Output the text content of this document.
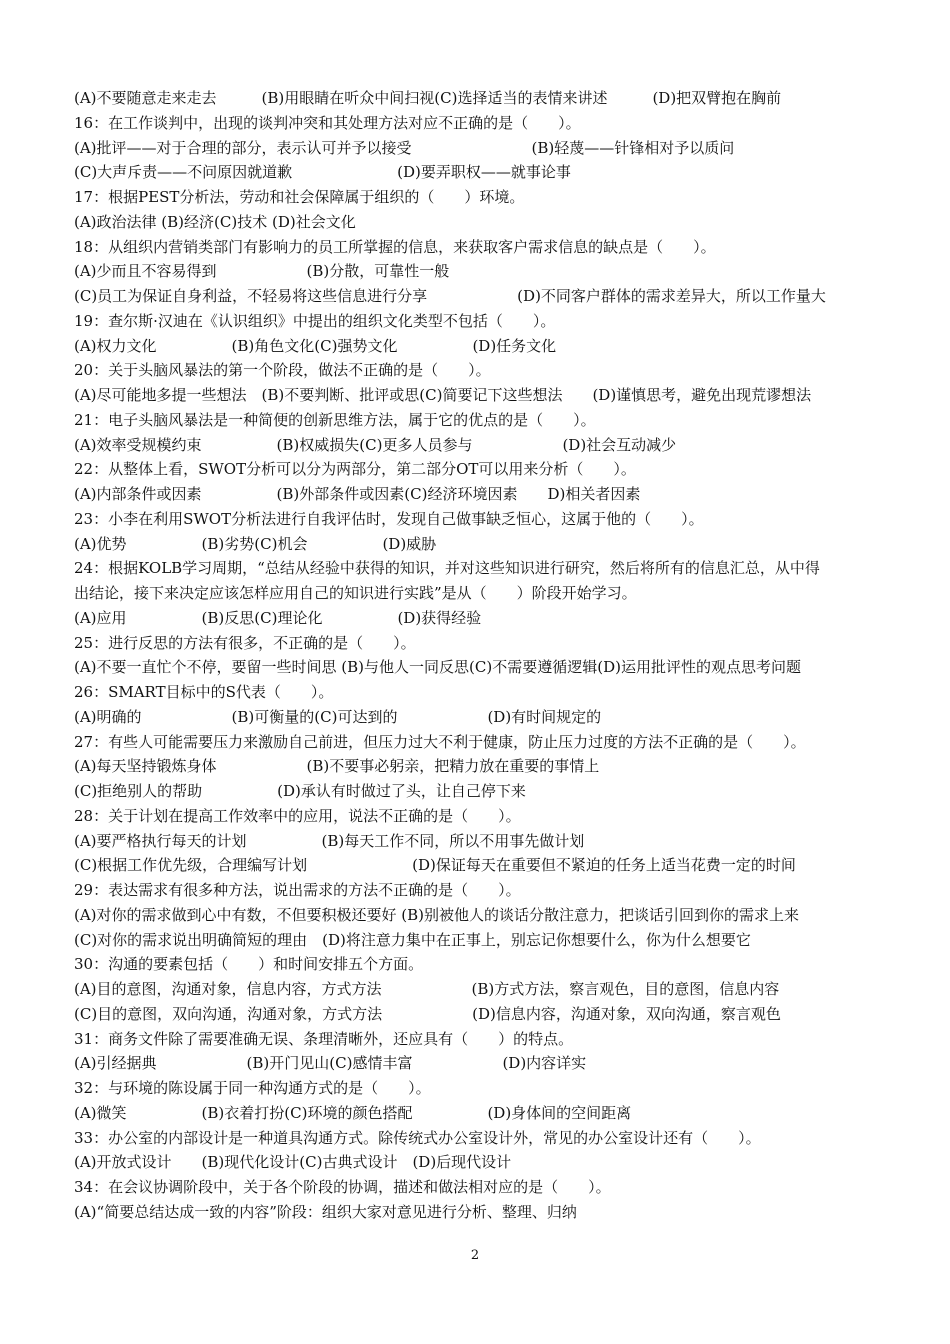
(A)不要随意走来走去　　　(B)用眼睛在听众中间扫视(C)选择适当的表情来讲述　　　(D)把双臂抱在胸前
16：在工作谈判中，出现的谈判冲突和其处理方法对应不正确的是（　　）。
(A)批评——对于合理的部分，表示认可并予以接受　　　　　　　　(B)轻蔑——针锋相对予以质问
(C)大声斥责——不问原因就道歉　　　　　　　(D)要弄职权——就事论事
17：根据PEST分析法，劳动和社会保障属于组织的（　　）环境。
(A)政治法律 (B)经济(C)技术 (D)社会文化
18：从组织内营销类部门有影响力的员工所掌握的信息，来获取客户需求信息的缺点是（　　）。
(A)少而且不容易得到　　　　　　(B)分散，可靠性一般
(C)员工为保证自身利益，不轻易将这些信息进行分享　　　　　　(D)不同客户群体的需求差异大，所以工作量大
19：查尔斯·汉迪在《认识组织》中提出的组织文化类型不包括（　　）。
(A)权力文化　　　　　(B)角色文化(C)强势文化　　　　　(D)任务文化
20：关于头脑风暴法的第一个阶段，做法不正确的是（　　）。
(A)尽可能地多提一些想法　(B)不要判断、批评或思(C)简要记下这些想法　　(D)谨慎思考，避免出现荒谬想法
21：电子头脑风暴法是一种简便的创新思维方法，属于它的优点的是（　　）。
(A)效率受规模约束　　　　　(B)权威损失(C)更多人员参与　　　　　　(D)社会互动减少
22：从整体上看，SWOT分析可以分为两部分，第二部分OT可以用来分析（　　）。
(A)内部条件或因素　　　　　(B)外部条件或因素(C)经济环境因素　　D)相关者因素
23：小李在利用SWOT分析法进行自我评估时，发现自己做事缺乏恒心，这属于他的（　　）。
(A)优势　　　　　(B)劣势(C)机会　　　　　(D)威胁
24：根据KOLB学习周期，“总结从经验中获得的知识，并对这些知识进行研究，然后将所有的信息汇总，从中得
出结论，接下来决定应该怎样应用自己的知识进行实践”是从（　　）阶段开始学习。
(A)应用　　　　　(B)反思(C)理论化　　　　　(D)获得经验
25：进行反思的方法有很多，不正确的是（　　）。
(A)不要一直忙个不停，要留一些时间思 (B)与他人一同反思(C)不需要遵循逻辑(D)运用批评性的观点思考问题
26：SMART目标中的S代表（　　）。
(A)明确的　　　　　　(B)可衡量的(C)可达到的　　　　　　(D)有时间规定的
27：有些人可能需要压力来激励自己前进，但压力过大不利于健康，防止压力过度的方法不正确的是（　　）。
(A)每天坚持锻炼身体　　　　　　(B)不要事必躬亲，把精力放在重要的事情上
(C)拒绝别人的帮助　　　　　(D)承认有时做过了头，让自己停下来
28：关于计划在提高工作效率中的应用，说法不正确的是（　　）。
(A)要严格执行每天的计划　　　　　(B)每天工作不同，所以不用事先做计划
(C)根据工作优先级，合理编写计划　　　　　　　(D)保证每天在重要但不紧迫的任务上适当花费一定的时间
29：表达需求有很多种方法，说出需求的方法不正确的是（　　）。
(A)对你的需求做到心中有数，不但要积极还要好 (B)别被他人的谈话分散注意力，把谈话引回到你的需求上来
(C)对你的需求说出明确简短的理由　(D)将注意力集中在正事上，别忘记你想要什么，你为什么想要它
30：沟通的要素包括（　　）和时间安排五个方面。
(A)目的意图，沟通对象，信息内容，方式方法　　　　　　(B)方式方法，察言观色，目的意图，信息内容
(C)目的意图，双向沟通，沟通对象，方式方法　　　　　　(D)信息内容，沟通对象，双向沟通，察言观色
31：商务文件除了需要准确无误、条理清晰外，还应具有（　　）的特点。
(A)引经据典　　　　　　(B)开门见山(C)感情丰富　　　　　　(D)内容详实
32：与环境的陈设属于同一种沟通方式的是（　　）。
(A)微笑　　　　　(B)衣着打扮(C)环境的颜色搭配　　　　　(D)身体间的空间距离
33：办公室的内部设计是一种道具沟通方式。除传统式办公室设计外，常见的办公室设计还有（　　）。
(A)开放式设计　　(B)现代化设计(C)古典式设计　(D)后现代设计
34：在会议协调阶段中，关于各个阶段的协调，描述和做法相对应的是（　　）。
(A)“简要总结达成一致的内容”阶段：组织大家对意见进行分析、整理、归纳
2
